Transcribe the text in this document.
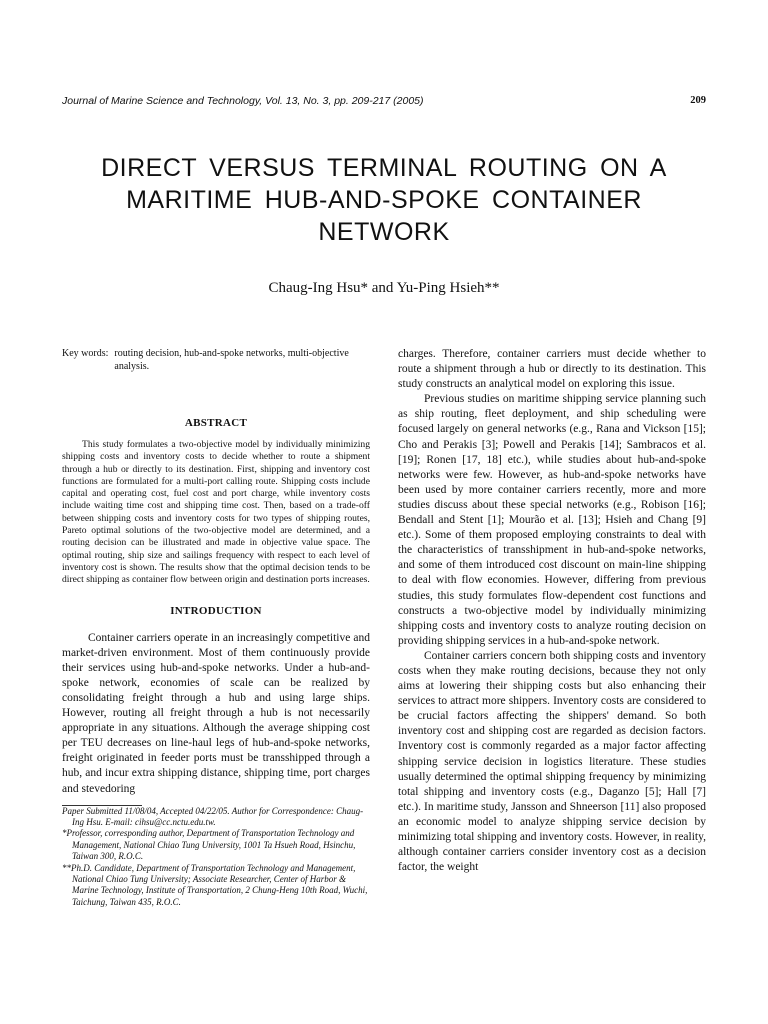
Journal of Marine Science and Technology, Vol. 13, No. 3, pp. 209-217 (2005)	209
DIRECT VERSUS TERMINAL ROUTING ON A
MARITIME HUB-AND-SPOKE CONTAINER
NETWORK
Chaug-Ing Hsu* and Yu-Ping Hsieh**
Key words: routing decision, hub-and-spoke networks, multi-objective analysis.
ABSTRACT

This study formulates a two-objective model by individually minimizing shipping costs and inventory costs to decide whether to route a shipment through a hub or directly to its destination. First, shipping and inventory cost functions are formulated for a multi-port calling route. Shipping costs include capital and operating cost, fuel cost and port charge, while inventory costs include waiting time cost and shipping time cost. Then, based on a trade-off between shipping costs and inventory costs for two types of shipping routes, Pareto optimal solutions of the two-objective model are determined, and a routing decision can be illustrated and made in objective value space. The optimal routing, ship size and sailings frequency with respect to each level of inventory cost is shown. The results show that the optimal decision tends to be direct shipping as container flow between origin and destination ports increases.

INTRODUCTION

Container carriers operate in an increasingly competitive and market-driven environment. Most of them continuously provide their services using hub-and-spoke networks. Under a hub-and-spoke network, economies of scale can be realized by consolidating freight through a hub and using large ships. However, routing all freight through a hub is not necessarily appropriate in any situations. Although the average shipping cost per TEU decreases on line-haul legs of hub-and-spoke networks, freight originated in feeder ports must be transshipped through a hub, and incur extra shipping distance, shipping time, port charges and stevedoring

Paper Submitted 11/08/04, Accepted 04/22/05. Author for Correspondence: Chaug-Ing Hsu. E-mail: cihsu@cc.nctu.edu.tw.

*Professor, corresponding author, Department of Transportation Technology and Management, National Chiao Tung University, 1001 Ta Hsueh Road, Hsinchu, Taiwan 300, R.O.C.

**Ph.D. Candidate, Department of Transportation Technology and Management, National Chiao Tung University; Associate Researcher, Center of Harbor & Marine Technology, Institute of Transportation, 2 Chung-Heng 10th Road, Wuchi, Taichung, Taiwan 435, R.O.C.

charges. Therefore, container carriers must decide whether to route a shipment through a hub or directly to its destination. This study constructs an analytical model on exploring this issue.

Previous studies on maritime shipping service planning such as ship routing, fleet deployment, and ship scheduling were focused largely on general networks (e.g., Rana and Vickson [15]; Cho and Perakis [3]; Powell and Perakis [14]; Sambracos et al. [19]; Ronen [17, 18] etc.), while studies about hub-and-spoke networks were few. However, as hub-and-spoke networks have been used by more container carriers recently, more and more studies discuss about these special networks (e.g., Robison [16]; Bendall and Stent [1]; Mourão et al. [13]; Hsieh and Chang [9] etc.). Some of them proposed employing constraints to deal with the characteristics of transshipment in hub-and-spoke networks, and some of them introduced cost discount on main-line shipping to deal with flow economies. However, differing from previous studies, this study formulates flow-dependent cost functions and constructs a two-objective model by individually minimizing shipping costs and inventory costs to analyze routing decision on providing shipping services in a hub-and-spoke network.

Container carriers concern both shipping costs and inventory costs when they make routing decisions, because they not only aims at lowering their shipping costs but also enhancing their services to attract more shippers. Inventory costs are considered to be crucial factors affecting the shippers' demand. So both inventory cost and shipping cost are regarded as decision factors. Inventory cost is commonly regarded as a major factor affecting shipping service decision in logistics literature. These studies usually determined the optimal shipping frequency by minimizing total shipping and inventory costs (e.g., Daganzo [5]; Hall [7] etc.). In maritime study, Jansson and Shneerson [11] also proposed an economic model to analyze shipping service decision by minimizing total shipping and inventory costs. However, in reality, although container carriers consider inventory cost as a decision factor, the weight
